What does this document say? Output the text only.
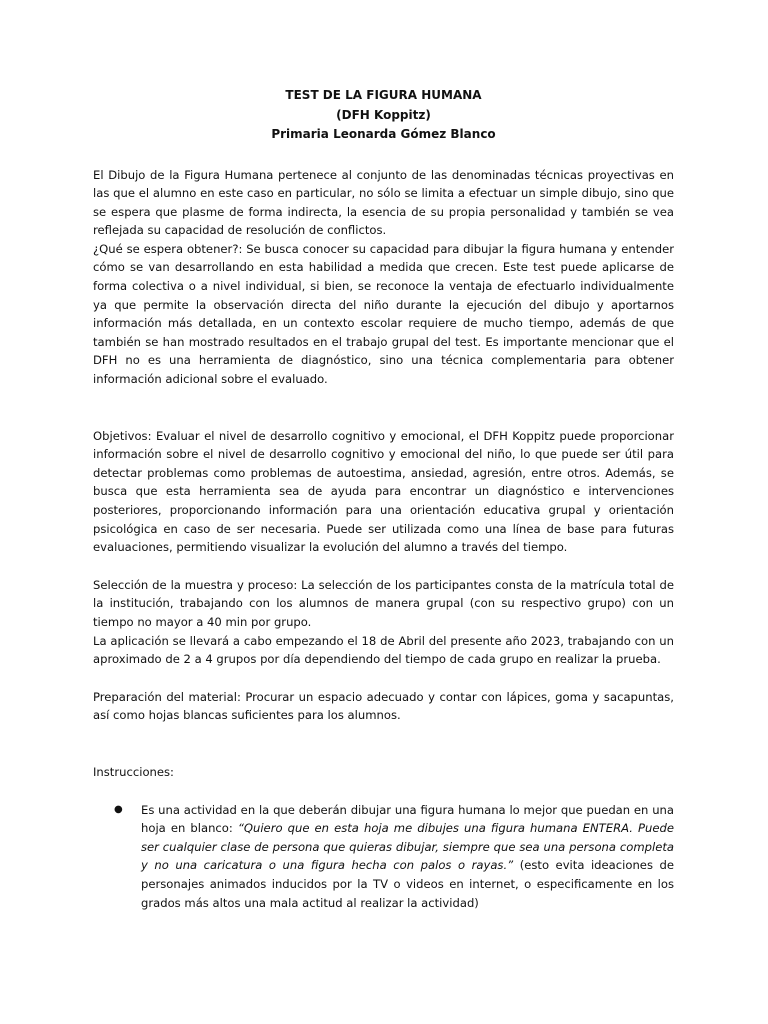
TEST DE LA FIGURA HUMANA
(DFH Koppitz)
Primaria Leonarda Gómez Blanco

El Dibujo de la Figura Humana pertenece al conjunto de las denominadas técnicas proyectivas en las que el alumno en este caso en particular, no sólo se limita a efectuar un simple dibujo, sino que se espera que plasme de forma indirecta, la esencia de su propia personalidad y también se vea reflejada su capacidad de resolución de conflictos.

¿Qué se espera obtener?: Se busca conocer su capacidad para dibujar la figura humana y entender cómo se van desarrollando en esta habilidad a medida que crecen. Este test puede aplicarse de forma colectiva o a nivel individual, si bien, se reconoce la ventaja de efectuarlo individualmente ya que permite la observación directa del niño durante la ejecución del dibujo y aportarnos información más detallada, en un contexto escolar requiere de mucho tiempo, además de que también se han mostrado resultados en el trabajo grupal del test. Es importante mencionar que el DFH no es una herramienta de diagnóstico, sino una técnica complementaria para obtener información adicional sobre el evaluado.

Objetivos: Evaluar el nivel de desarrollo cognitivo y emocional, el DFH Koppitz puede proporcionar información sobre el nivel de desarrollo cognitivo y emocional del niño, lo que puede ser útil para detectar problemas como problemas de autoestima, ansiedad, agresión, entre otros. Además, se busca que esta herramienta sea de ayuda para encontrar un diagnóstico e intervenciones posteriores, proporcionando información para una orientación educativa grupal y orientación psicológica en caso de ser necesaria. Puede ser utilizada como una línea de base para futuras evaluaciones, permitiendo visualizar la evolución del alumno a través del tiempo.

Selección de la muestra y proceso: La selección de los participantes consta de la matrícula total de la institución, trabajando con los alumnos de manera grupal (con su respectivo grupo) con un tiempo no mayor a 40 min por grupo.

La aplicación se llevará a cabo empezando el 18 de Abril del presente año 2023, trabajando con un aproximado de 2 a 4 grupos por día dependiendo del tiempo de cada grupo en realizar la prueba.

Preparación del material: Procurar un espacio adecuado y contar con lápices, goma y sacapuntas, así como hojas blancas suficientes para los alumnos.

Instrucciones:

● Es una actividad en la que deberán dibujar una figura humana lo mejor que puedan en una hoja en blanco: “Quiero que en esta hoja me dibujes una figura humana ENTERA. Puede ser cualquier clase de persona que quieras dibujar, siempre que sea una persona completa y no una caricatura o una figura hecha con palos o rayas.” (esto evita ideaciones de personajes animados inducidos por la TV o videos en internet, o especificamente en los grados más altos una mala actitud al realizar la actividad)
